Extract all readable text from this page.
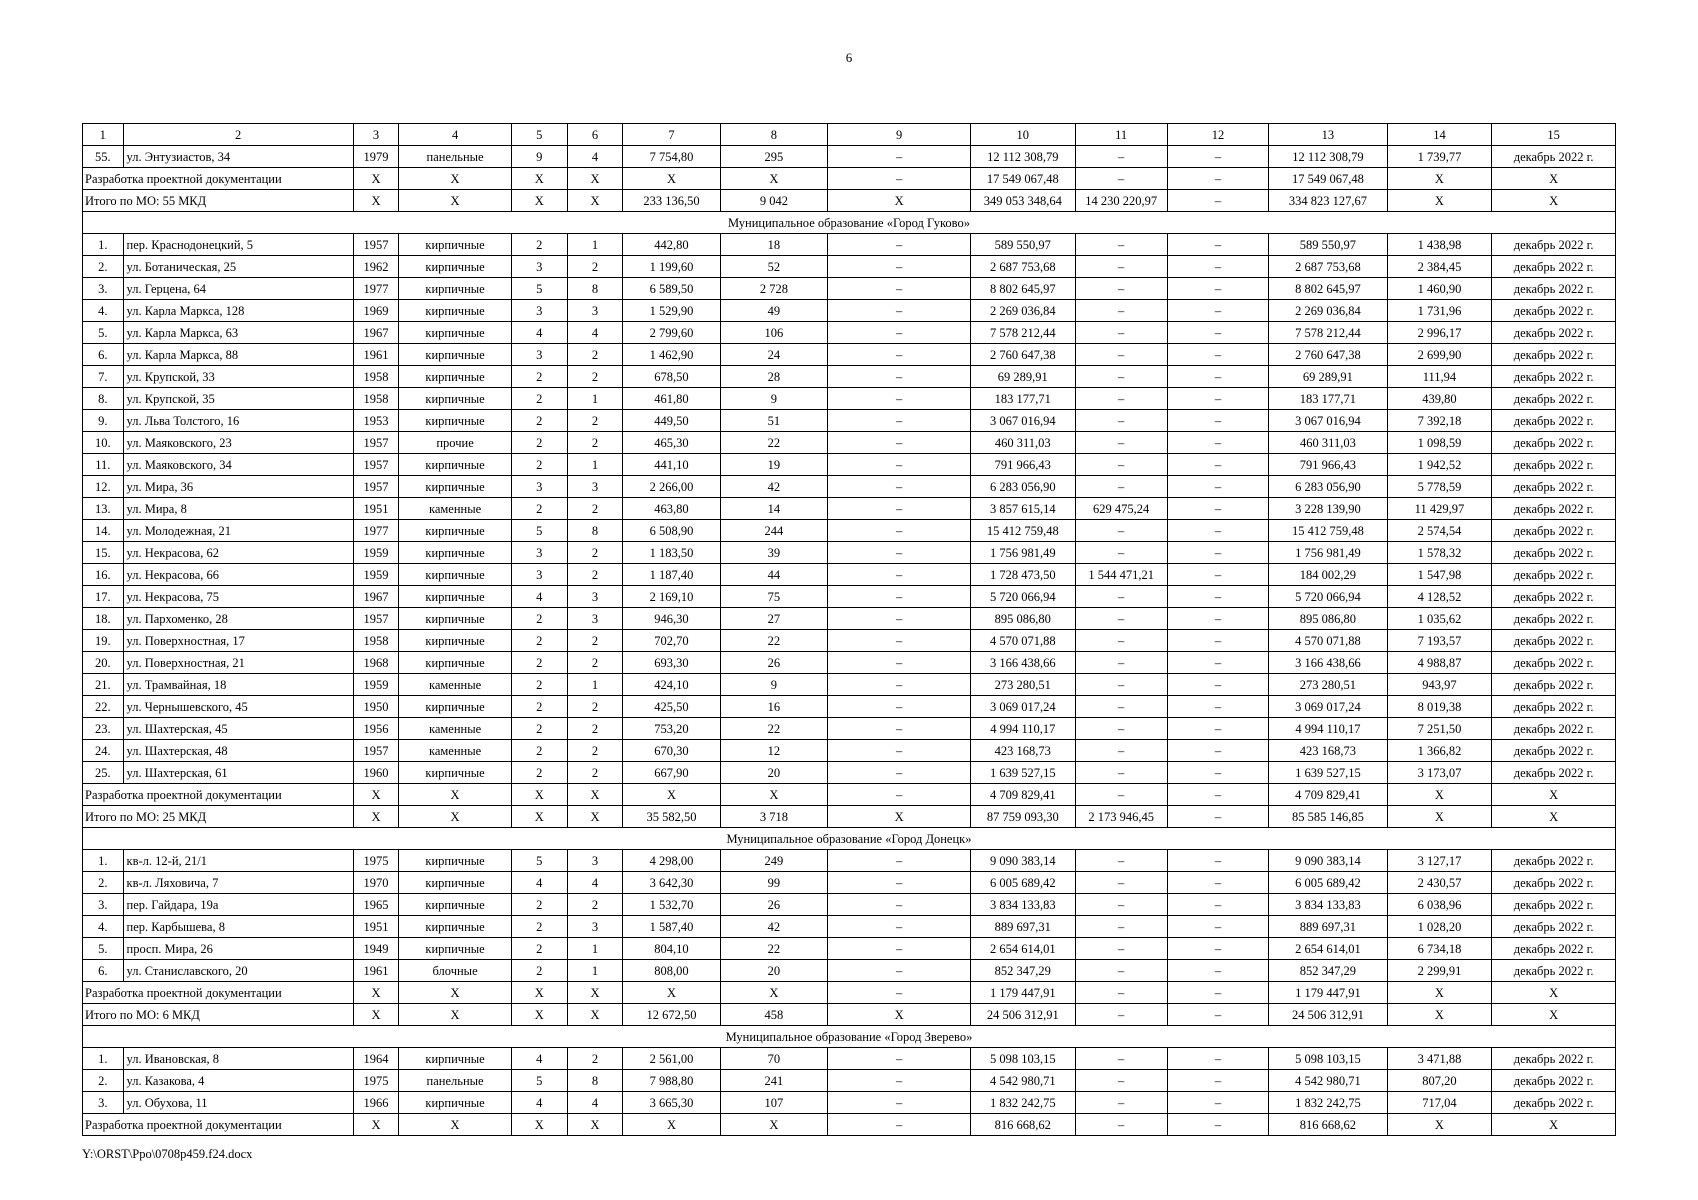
6
1	2	3	4	5	6	7	8	9	10	11	12	13	14	15
55.	ул. Энтузиастов, 34	1979	панельные	9	4	7 754,80	295	–	12 112 308,79	–	–	12 112 308,79	1 739,77	декабрь 2022 г.
Разработка проектной документации		X	X	X	X	X	X	–	17 549 067,48	–	–	17 549 067,48	X	X
Итого по МО: 55 МКД		X	X	X	X	233 136,50	9 042	X	349 053 348,64	14 230 220,97	–	334 823 127,67	X	X
Муниципальное образование «Город Гуково»														
1.	пер. Краснодонецкий, 5	1957	кирпичные	2	1	442,80	18	–	589 550,97	–	–	589 550,97	1 438,98	декабрь 2022 г.
2.	ул. Ботаническая, 25	1962	кирпичные	3	2	1 199,60	52	–	2 687 753,68	–	–	2 687 753,68	2 384,45	декабрь 2022 г.
3.	ул. Герцена, 64	1977	кирпичные	5	8	6 589,50	2 728	–	8 802 645,97	–	–	8 802 645,97	1 460,90	декабрь 2022 г.
4.	ул. Карла Маркса, 128	1969	кирпичные	3	3	1 529,90	49	–	2 269 036,84	–	–	2 269 036,84	1 731,96	декабрь 2022 г.
5.	ул. Карла Маркса, 63	1967	кирпичные	4	4	2 799,60	106	–	7 578 212,44	–	–	7 578 212,44	2 996,17	декабрь 2022 г.
6.	ул. Карла Маркса, 88	1961	кирпичные	3	2	1 462,90	24	–	2 760 647,38	–	–	2 760 647,38	2 699,90	декабрь 2022 г.
7.	ул. Крупской, 33	1958	кирпичные	2	2	678,50	28	–	69 289,91	–	–	69 289,91	111,94	декабрь 2022 г.
8.	ул. Крупской, 35	1958	кирпичные	2	1	461,80	9	–	183 177,71	–	–	183 177,71	439,80	декабрь 2022 г.
9.	ул. Льва Толстого, 16	1953	кирпичные	2	2	449,50	51	–	3 067 016,94	–	–	3 067 016,94	7 392,18	декабрь 2022 г.
10.	ул. Маяковского, 23	1957	прочие	2	2	465,30	22	–	460 311,03	–	–	460 311,03	1 098,59	декабрь 2022 г.
11.	ул. Маяковского, 34	1957	кирпичные	2	1	441,10	19	–	791 966,43	–	–	791 966,43	1 942,52	декабрь 2022 г.
12.	ул. Мира, 36	1957	кирпичные	3	3	2 266,00	42	–	6 283 056,90	–	–	6 283 056,90	5 778,59	декабрь 2022 г.
13.	ул. Мира, 8	1951	каменные	2	2	463,80	14	–	3 857 615,14	629 475,24	–	3 228 139,90	11 429,97	декабрь 2022 г.
14.	ул. Молодежная, 21	1977	кирпичные	5	8	6 508,90	244	–	15 412 759,48	–	–	15 412 759,48	2 574,54	декабрь 2022 г.
15.	ул. Некрасова, 62	1959	кирпичные	3	2	1 183,50	39	–	1 756 981,49	–	–	1 756 981,49	1 578,32	декабрь 2022 г.
16.	ул. Некрасова, 66	1959	кирпичные	3	2	1 187,40	44	–	1 728 473,50	1 544 471,21	–	184 002,29	1 547,98	декабрь 2022 г.
17.	ул. Некрасова, 75	1967	кирпичные	4	3	2 169,10	75	–	5 720 066,94	–	–	5 720 066,94	4 128,52	декабрь 2022 г.
18.	ул. Пархоменко, 28	1957	кирпичные	2	3	946,30	27	–	895 086,80	–	–	895 086,80	1 035,62	декабрь 2022 г.
19.	ул. Поверхностная, 17	1958	кирпичные	2	2	702,70	22	–	4 570 071,88	–	–	4 570 071,88	7 193,57	декабрь 2022 г.
20.	ул. Поверхностная, 21	1968	кирпичные	2	2	693,30	26	–	3 166 438,66	–	–	3 166 438,66	4 988,87	декабрь 2022 г.
21.	ул. Трамвайная, 18	1959	каменные	2	1	424,10	9	–	273 280,51	–	–	273 280,51	943,97	декабрь 2022 г.
22.	ул. Чернышевского, 45	1950	кирпичные	2	2	425,50	16	–	3 069 017,24	–	–	3 069 017,24	8 019,38	декабрь 2022 г.
23.	ул. Шахтерская, 45	1956	каменные	2	2	753,20	22	–	4 994 110,17	–	–	4 994 110,17	7 251,50	декабрь 2022 г.
24.	ул. Шахтерская, 48	1957	каменные	2	2	670,30	12	–	423 168,73	–	–	423 168,73	1 366,82	декабрь 2022 г.
25.	ул. Шахтерская, 61	1960	кирпичные	2	2	667,90	20	–	1 639 527,15	–	–	1 639 527,15	3 173,07	декабрь 2022 г.
Разработка проектной документации		X	X	X	X	X	X	–	4 709 829,41	–	–	4 709 829,41	X	X
Итого по МО: 25 МКД		X	X	X	X	35 582,50	3 718	X	87 759 093,30	2 173 946,45	–	85 585 146,85	X	X
Муниципальное образование «Город Донецк»														
1.	кв-л. 12-й, 21/1	1975	кирпичные	5	3	4 298,00	249	–	9 090 383,14	–	–	9 090 383,14	3 127,17	декабрь 2022 г.
2.	кв-л. Ляховича, 7	1970	кирпичные	4	4	3 642,30	99	–	6 005 689,42	–	–	6 005 689,42	2 430,57	декабрь 2022 г.
3.	пер. Гайдара, 19а	1965	кирпичные	2	2	1 532,70	26	–	3 834 133,83	–	–	3 834 133,83	6 038,96	декабрь 2022 г.
4.	пер. Карбышева, 8	1951	кирпичные	2	3	1 587,40	42	–	889 697,31	–	–	889 697,31	1 028,20	декабрь 2022 г.
5.	просп. Мира, 26	1949	кирпичные	2	1	804,10	22	–	2 654 614,01	–	–	2 654 614,01	6 734,18	декабрь 2022 г.
6.	ул. Станиславского, 20	1961	блочные	2	1	808,00	20	–	852 347,29	–	–	852 347,29	2 299,91	декабрь 2022 г.
Разработка проектной документации		X	X	X	X	X	X	–	1 179 447,91	–	–	1 179 447,91	X	X
Итого по МО: 6 МКД		X	X	X	X	12 672,50	458	X	24 506 312,91	–	–	24 506 312,91	X	X
Муниципальное образование «Город Зверево»														
1.	ул. Ивановская, 8	1964	кирпичные	4	2	2 561,00	70	–	5 098 103,15	–	–	5 098 103,15	3 471,88	декабрь 2022 г.
2.	ул. Казакова, 4	1975	панельные	5	8	7 988,80	241	–	4 542 980,71	–	–	4 542 980,71	807,20	декабрь 2022 г.
3.	ул. Обухова, 11	1966	кирпичные	4	4	3 665,30	107	–	1 832 242,75	–	–	1 832 242,75	717,04	декабрь 2022 г.
Разработка проектной документации		X	X	X	X	X	X	–	816 668,62	–	–	816 668,62	X	X
Y:\ORST\Ppo\0708p459.f24.docx
